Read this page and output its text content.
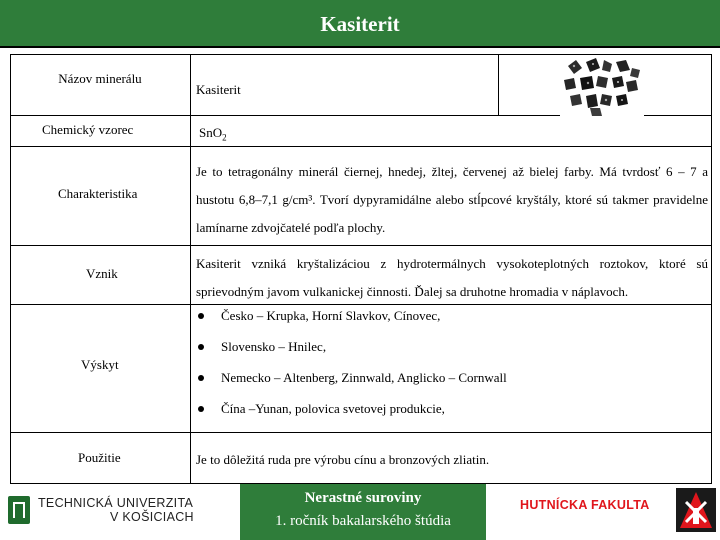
Kasiterit
Názov minerálu
Kasiterit
Chemický vzorec	SnO$_2$
Charakteristika
Je to tetragonálny minerál čiernej, hnedej, žltej, červenej až bielej farby. Má tvrdosť 6 – 7 a hustotu 6,8–7,1 g/cm³. Tvorí dypyramidálne alebo stĺpcové kryštály, ktoré sú takmer pravidelne lamínarne zdvojčatelé podľa plochy.
Vznik
Kasiterit vzniká kryštalizáciou z hydrotermálnych vysokoteplotných roztokov, ktoré sú sprievodným javom vulkanickej činnosti. Ďalej sa druhotne hromadia v náplavoch.
Výskyt
Česko – Krupka, Horní Slavkov, Cínovec,
Slovensko – Hnilec,
Nemecko – Altenberg, Zinnwald, Anglicko – Cornwall
Čína –Yunan, polovica svetovej produkcie,
Použitie	Je to dôležitá ruda pre výrobu cínu a bronzových zliatin.
TECHNICKÁ UNIVERZITA
V KOŠICIACH
Nerastné suroviny
1. ročník bakalarského štúdia
HUTNÍCKA FAKULTA
